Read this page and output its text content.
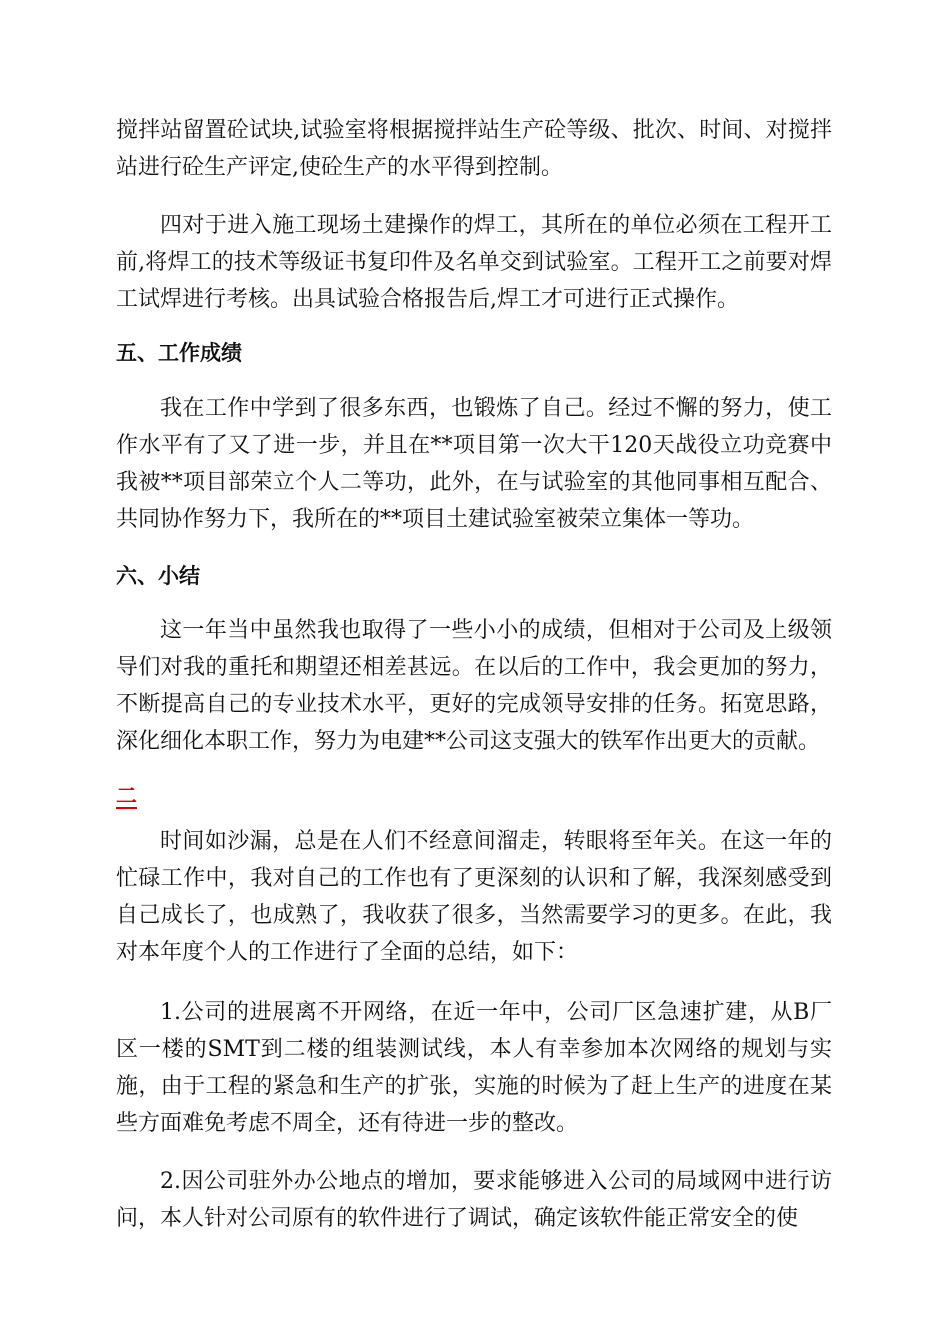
搅拌站留置砼试块,试验室将根据搅拌站生产砼等级、批次、时间、对搅拌站进行砼生产评定,使砼生产的水平得到控制。

四对于进入施工现场土建操作的焊工，其所在的单位必须在工程开工前,将焊工的技术等级证书复印件及名单交到试验室。工程开工之前要对焊工试焊进行考核。出具试验合格报告后,焊工才可进行正式操作。

五、工作成绩

我在工作中学到了很多东西，也锻炼了自己。经过不懈的努力，使工作水平有了又了进一步，并且在**项目第一次大干120天战役立功竞赛中我被**项目部荣立个人二等功，此外，在与试验室的其他同事相互配合、共同协作努力下，我所在的**项目土建试验室被荣立集体一等功。

六、小结

这一年当中虽然我也取得了一些小小的成绩，但相对于公司及上级领导们对我的重托和期望还相差甚远。在以后的工作中，我会更加的努力，不断提高自己的专业技术水平，更好的完成领导安排的任务。拓宽思路，深化细化本职工作，努力为电建**公司这支强大的铁军作出更大的贡献。

二

时间如沙漏，总是在人们不经意间溜走，转眼将至年关。在这一年的忙碌工作中，我对自己的工作也有了更深刻的认识和了解，我深刻感受到自己成长了，也成熟了，我收获了很多，当然需要学习的更多。在此，我对本年度个人的工作进行了全面的总结，如下：

1.公司的进展离不开网络，在近一年中，公司厂区急速扩建，从B厂区一楼的SMT到二楼的组装测试线，本人有幸参加本次网络的规划与实施，由于工程的紧急和生产的扩张，实施的时候为了赶上生产的进度在某些方面难免考虑不周全，还有待进一步的整改。

2.因公司驻外办公地点的增加，要求能够进入公司的局域网中进行访问，本人针对公司原有的软件进行了调试，确定该软件能正常安全的使
